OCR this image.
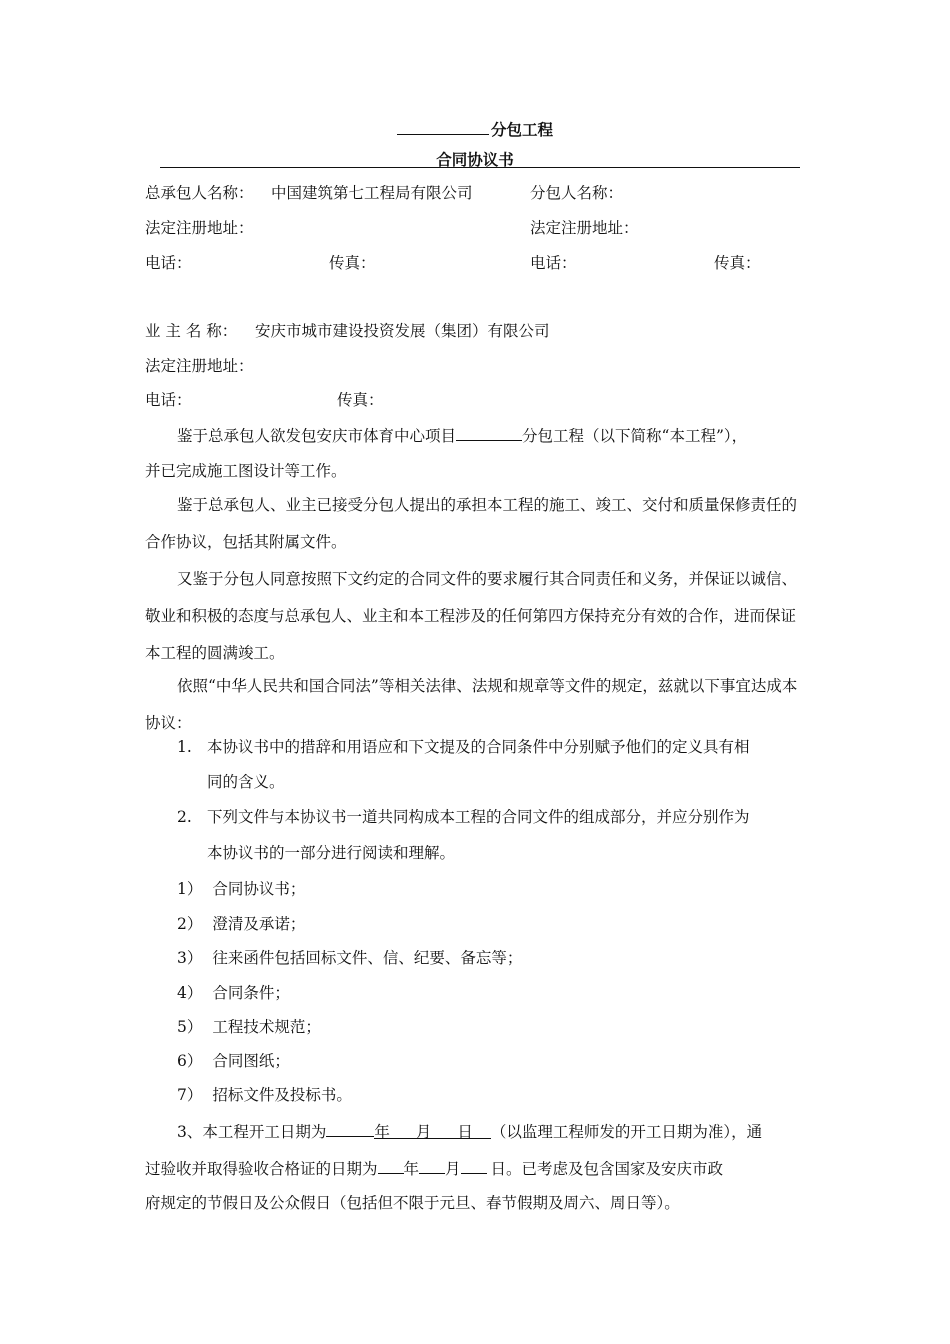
分包工程
合同协议书
总承包人名称： 中国建筑第七工程局有限公司	分包人名称：
法定注册地址：	法定注册地址：
电话：	传真：	电话：	传真：
业 主 名 称： 安庆市城市建设投资发展（集团）有限公司
法定注册地址：
电话：	传真：
鉴于总承包人欲发包安庆市体育中心项目	分包工程（以下简称“本工程”），
并已完成施工图设计等工作。
鉴于总承包人、业主已接受分包人提出的承担本工程的施工、竣工、交付和质量保修责任的合作协议，包括其附属文件。
又鉴于分包人同意按照下文约定的合同文件的要求履行其合同责任和义务，并保证以诚信、敬业和积极的态度与总承包人、业主和本工程涉及的任何第四方保持充分有效的合作，进而保证本工程的圆满竣工。
依照“中华人民共和国合同法”等相关法律、法规和规章等文件的规定，兹就以下事宜达成本协议：
1. 本协议书中的措辞和用语应和下文提及的合同条件中分别赋予他们的定义具有相
同的含义。
2. 下列文件与本协议书一道共同构成本工程的合同文件的组成部分，并应分别作为
本协议书的一部分进行阅读和理解。
1） 合同协议书；
2） 澄清及承诺；
3） 往来函件包括回标文件、信、纪要、备忘等；
4） 合同条件；
5） 工程技术规范；
6） 合同图纸；
7） 招标文件及投标书。
3、本工程开工日期为	年 月 日 （以监理工程师发的开工日期为准），通
过验收并取得验收合格证的日期为 年 月 日。已考虑及包含国家及安庆市政
府规定的节假日及公众假日（包括但不限于元旦、春节假期及周六、周日等）。
